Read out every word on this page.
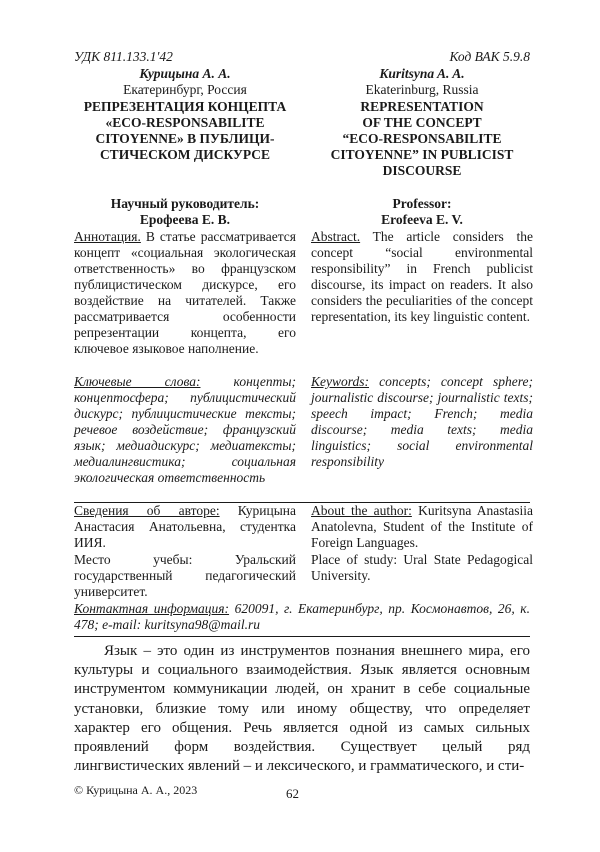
УДК 811.133.1'42	Код ВАК 5.9.8
Курицына А. А.
Екатеринбург, Россия
РЕПРЕЗЕНТАЦИЯ КОНЦЕПТА
«ECO-RESPONSABILITE
CITOYENNE» В ПУБЛИЦИ-
СТИЧЕСКОМ ДИСКУРСЕ
Научный руководитель:
Ерофеева Е. В.
Аннотация. В статье рассматривается концепт «социальная экологическая ответственность» во французском публицистическом дискурсе, его воздействие на читателей. Также рассматривается особенности репрезентации концепта, его ключевое языковое наполнение.
Ключевые слова: концепты; концептосфера; публицистический дискурс; публицистические тексты; речевое воздействие; французский язык; медиадискурс; медиатексты; медиалингвистика; социальная экологическая ответственность
Сведения об авторе: Курицына Анастасия Анатольевна, студентка ИИЯ.
Место учебы: Уральский государственный педагогический университет.
Kuritsyna A. A.
Ekaterinburg, Russia
REPRESENTATION
OF THE CONCEPT
“ECO-RESPONSABILITE
CITOYENNE” IN PUBLICIST
DISCOURSE
Professor:
Erofeeva E. V.
Abstract. The article considers the concept “social environmental responsibility” in French publicist discourse, its impact on readers. It also considers the peculiarities of the concept representation, its key linguistic content.
Keywords: concepts; concept sphere; journalistic discourse; journalistic texts; speech impact; French; media discourse; media texts; media linguistics; social environmental responsibility
About the author: Kuritsyna Anastasiia Anatolevna, Student of the Institute of Foreign Languages.
Place of study: Ural State Pedagogical University.
Контактная информация: 620091, г. Екатеринбург, пр. Космонавтов, 26, к. 478; e-mail: kuritsyna98@mail.ru

Язык – это один из инструментов познания внешнего мира, его культуры и социального взаимодействия. Язык является основным инструментом коммуникации людей, он хранит в себе социальные установки, близкие тому или иному обществу, что определяет характер его общения. Речь является одной из самых сильных проявлений форм воздействия. Существует целый ряд лингвистических явлений – и лексического, и грамматического, и сти-

© Курицына А. А., 2023	62
